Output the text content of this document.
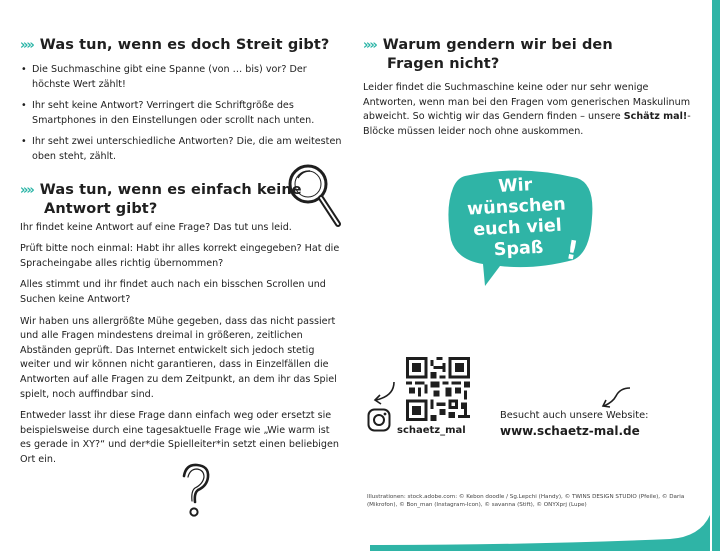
»» Was tun, wenn es doch Streit gibt?
• Die Suchmaschine gibt eine Spanne (von … bis) vor? Der höchste Wert zählt!
• Ihr seht keine Antwort? Verringert die Schriftgröße des Smartphones in den Einstellungen oder scrollt nach unten.
• Ihr seht zwei unterschiedliche Antworten? Die, die am weitesten oben steht, zählt.
»» Was tun, wenn es einfach keine
Antwort gibt?

Ihr findet keine Antwort auf eine Frage? Das tut uns leid.

Prüft bitte noch einmal: Habt ihr alles korrekt eingegeben? Hat die Spracheingabe alles richtig übernommen?

Alles stimmt und ihr findet auch nach ein bisschen Scrollen und Suchen keine Antwort?

Wir haben uns allergrößte Mühe gegeben, dass das nicht passiert und alle Fragen mindestens dreimal in größeren, zeitlichen Abständen geprüft. Das Internet entwickelt sich jedoch stetig weiter und wir können nicht garantieren, dass in Einzelfällen die Antworten auf alle Fragen zu dem Zeitpunkt, an dem ihr das Spiel spielt, noch auffindbar sind.

Entweder lasst ihr diese Frage dann einfach weg oder ersetzt sie beispielsweise durch eine tagesaktuelle Frage wie „Wie warm ist es gerade in XY?“ und der*die Spielleiter*in setzt einen beliebigen Ort ein.

»» Warum gendern wir bei den
Fragen nicht?

Leider findet die Suchmaschine keine oder nur sehr wenige Antworten, wenn man bei den Fragen vom generischen Maskulinum abweicht. So wichtig wir das Gendern finden – unsere Schätz mal!-Blöcke müssen leider noch ohne auskommen.

Wir
wünschen
euch viel
Spaß !
schaetz_mal
Besucht auch unsere Website:
www.schaetz-mal.de
Illustrationen: stock.adobe.com: © Kebon doodle / Sg.Lepchi (Handy), © TWINS DESIGN STUDIO (Pfeile), © Daria (Mikrofon), © Bon_man (Instagram-Icon), © savanna (Stift), © ONYXprj (Lupe)
